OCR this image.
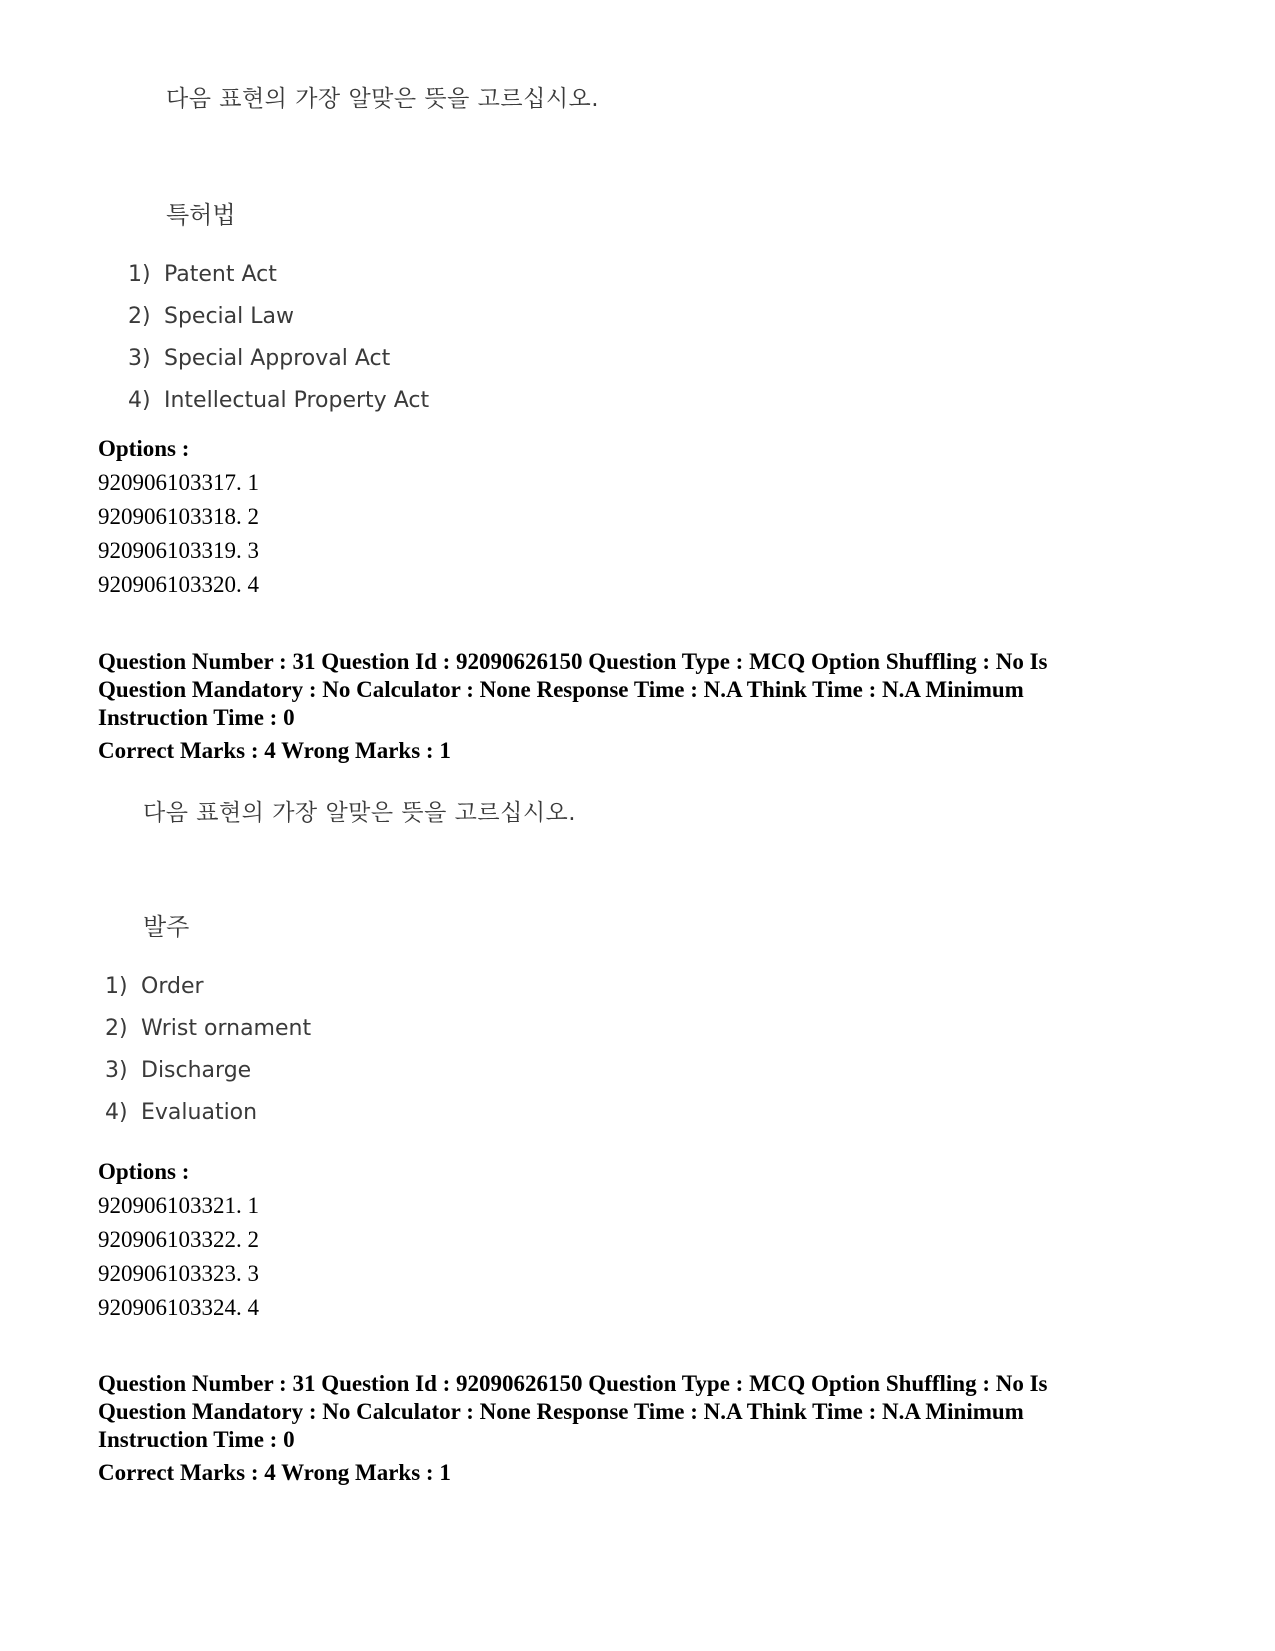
다음 표현의 가장 알맞은 뜻을 고르십시오.
특허법
1) Patent Act
2) Special Law
3) Special Approval Act
4) Intellectual Property Act
Options :
920906103317. 1
920906103318. 2
920906103319. 3
920906103320. 4
Question Number : 31 Question Id : 92090626150 Question Type : MCQ Option Shuffling : No Is
Question Mandatory : No Calculator : None Response Time : N.A Think Time : N.A Minimum
Instruction Time : 0
Correct Marks : 4 Wrong Marks : 1
다음 표현의 가장 알맞은 뜻을 고르십시오.
발주
1) Order
2) Wrist ornament
3) Discharge
4) Evaluation
Options :
920906103321. 1
920906103322. 2
920906103323. 3
920906103324. 4
Question Number : 31 Question Id : 92090626150 Question Type : MCQ Option Shuffling : No Is
Question Mandatory : No Calculator : None Response Time : N.A Think Time : N.A Minimum
Instruction Time : 0
Correct Marks : 4 Wrong Marks : 1
